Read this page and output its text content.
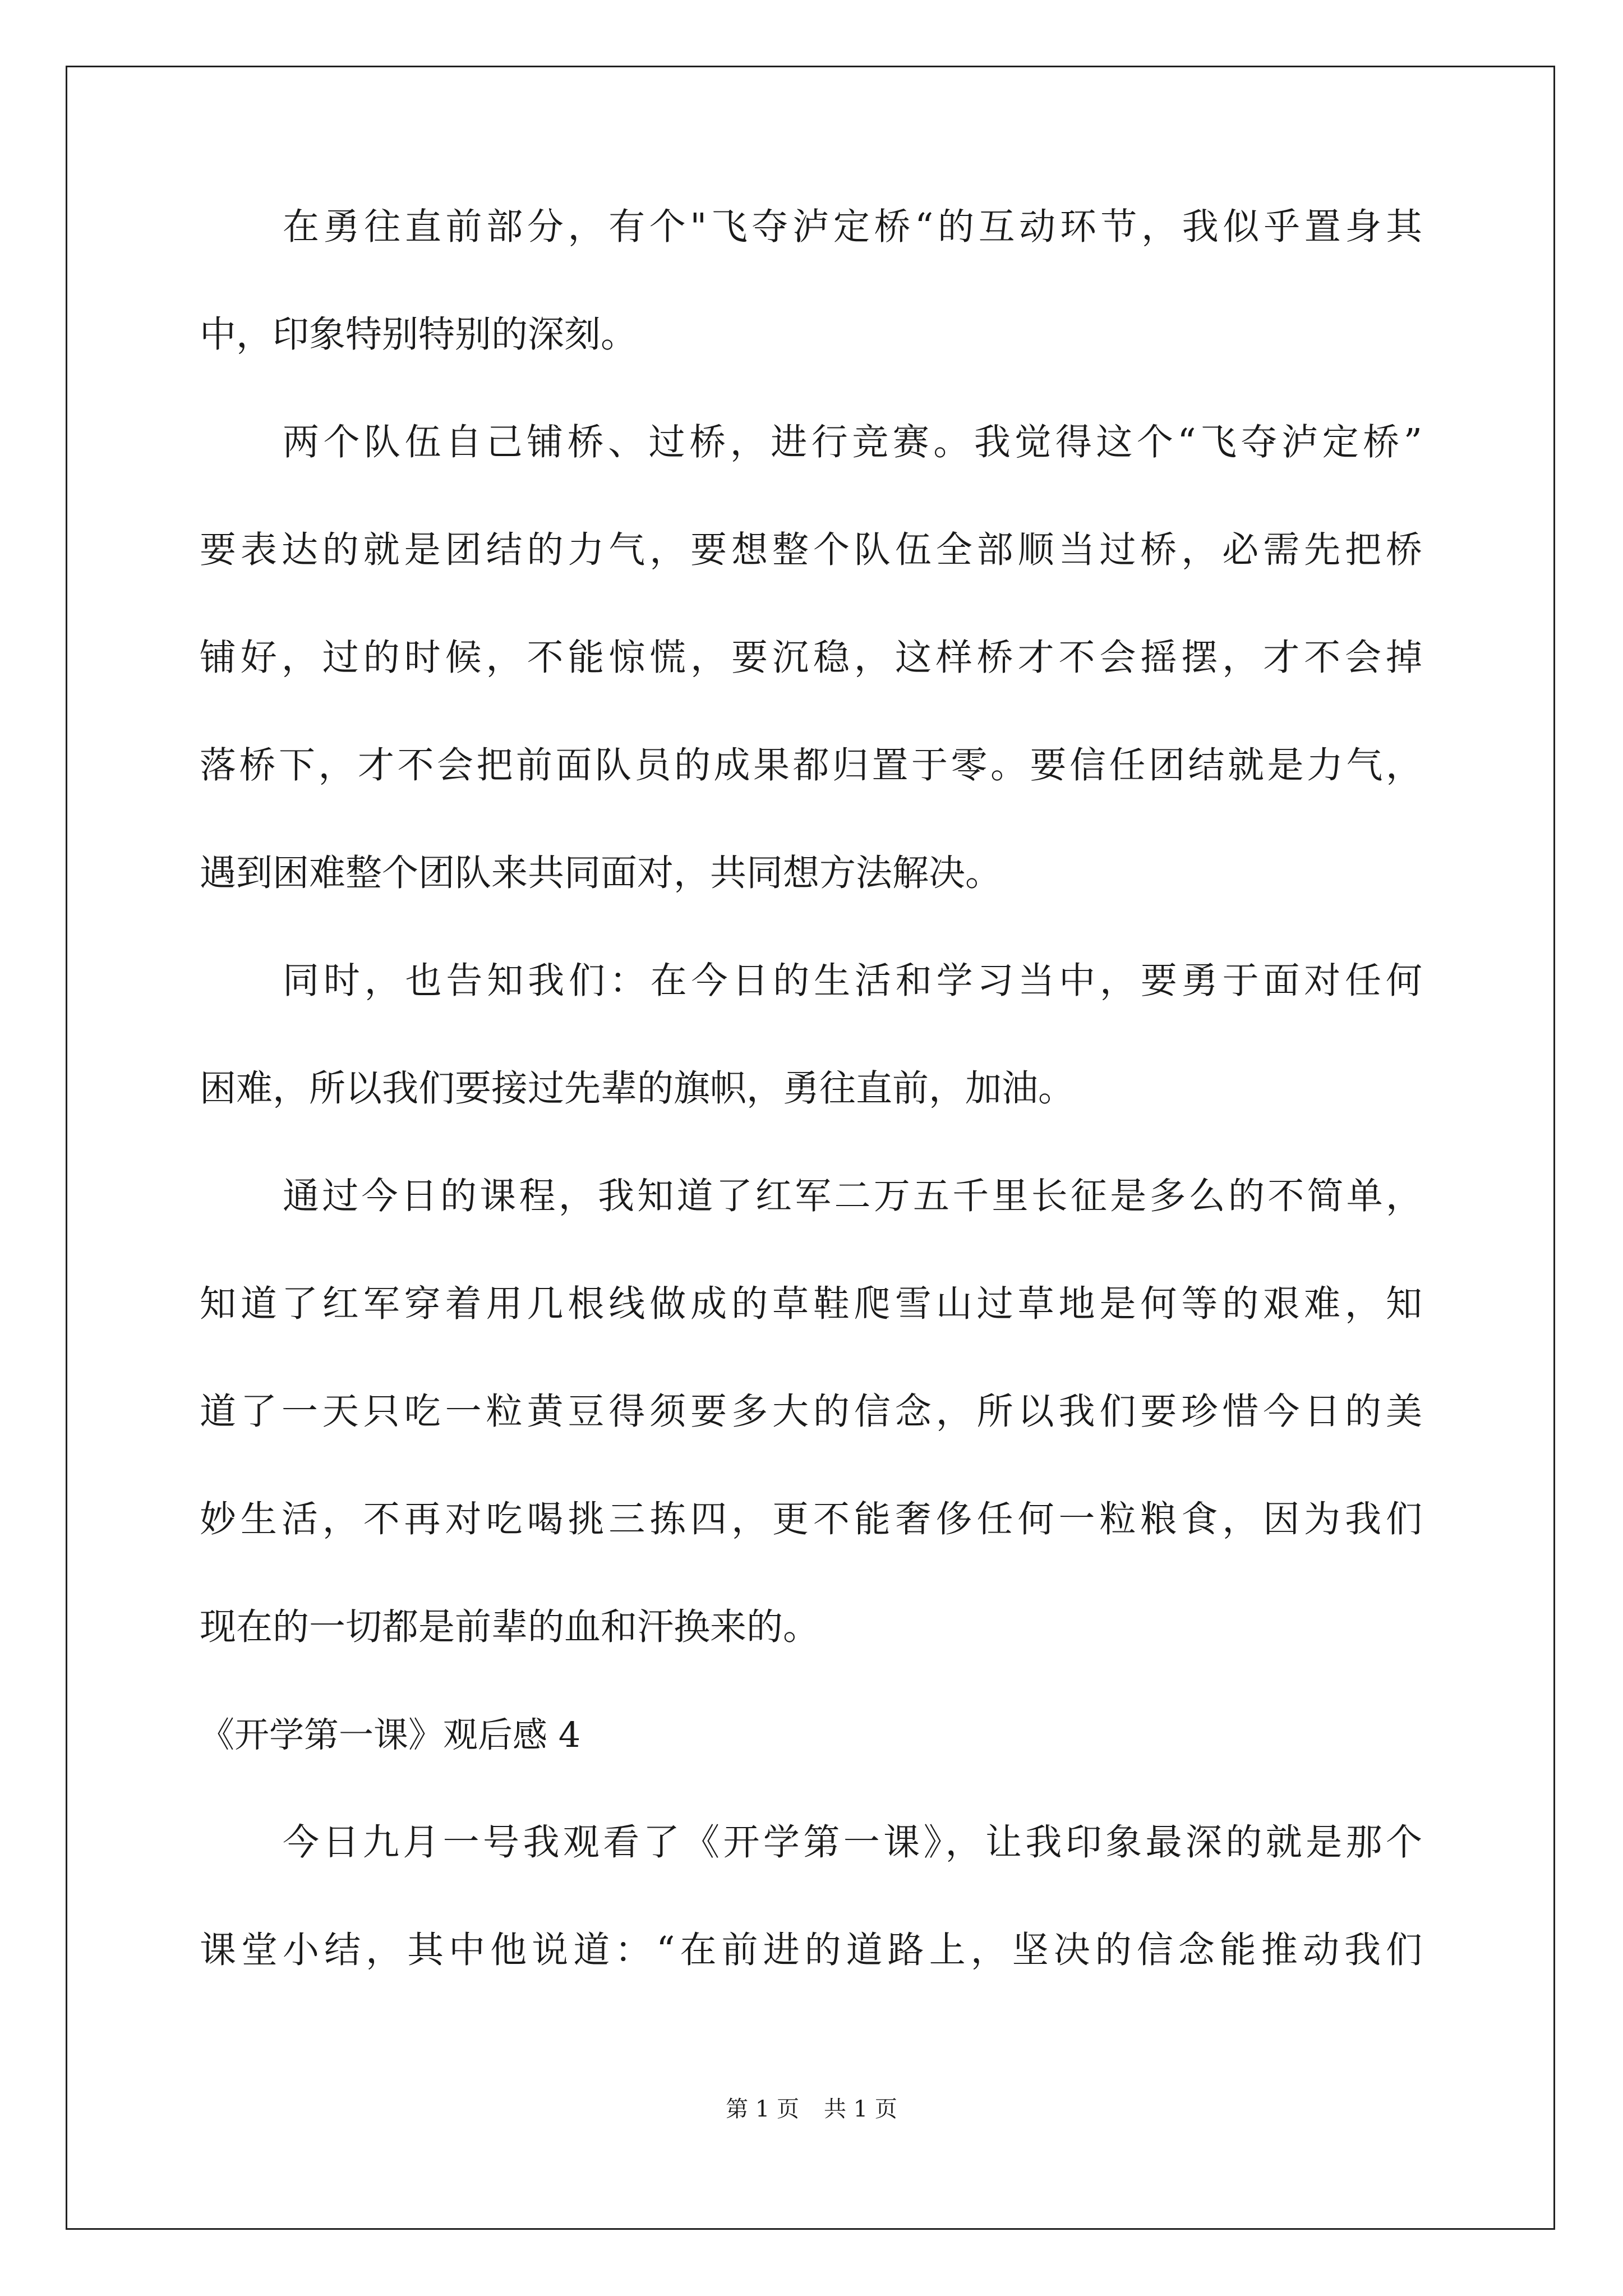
在勇往直前部分，有个"飞夺泸定桥“的互动环节，我似乎置身其
中，印象特别特别的深刻。
两个队伍自己铺桥、过桥，进行竞赛。我觉得这个“飞夺泸定桥”
要表达的就是团结的力气，要想整个队伍全部顺当过桥，必需先把桥
铺好，过的时候，不能惊慌，要沉稳，这样桥才不会摇摆，才不会掉
落桥下，才不会把前面队员的成果都归置于零。要信任团结就是力气，
遇到困难整个团队来共同面对，共同想方法解决。
同时，也告知我们：在今日的生活和学习当中，要勇于面对任何
困难，所以我们要接过先辈的旗帜，勇往直前，加油。
通过今日的课程，我知道了红军二万五千里长征是多么的不简单，
知道了红军穿着用几根线做成的草鞋爬雪山过草地是何等的艰难，知
道了一天只吃一粒黄豆得须要多大的信念，所以我们要珍惜今日的美
妙生活，不再对吃喝挑三拣四，更不能奢侈任何一粒粮食，因为我们
现在的一切都是前辈的血和汗换来的。
《开学第一课》观后感 4
今日九月一号我观看了《开学第一课》，让我印象最深的就是那个
课堂小结，其中他说道：“在前进的道路上，坚决的信念能推动我们
第 1 页 共 1 页
